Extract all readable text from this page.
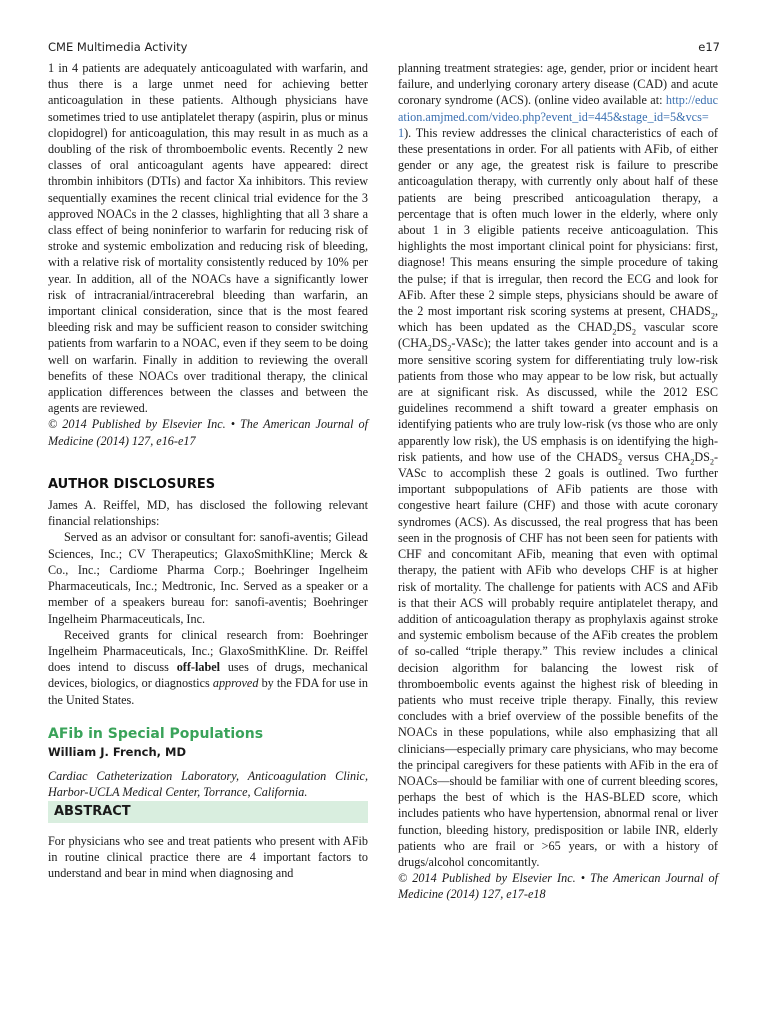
CME Multimedia Activity	e17

1 in 4 patients are adequately anticoagulated with warfarin, and thus there is a large unmet need for achieving better anticoagulation in these patients. Although physicians have sometimes tried to use antiplatelet therapy (aspirin, plus or minus clopidogrel) for anticoagulation, this may result in as much as a doubling of the risk of thromboembolic events. Recently 2 new classes of oral anticoagulant agents have appeared: direct thrombin inhibitors (DTIs) and factor Xa inhibitors. This review sequentially examines the recent clinical trial evidence for the 3 approved NOACs in the 2 classes, highlighting that all 3 share a class effect of being noninferior to warfarin for reducing risk of stroke and systemic embolization and reducing risk of bleeding, with a relative risk of mortality consistently reduced by 10% per year. In addition, all of the NOACs have a significantly lower risk of intracranial/intracerebral bleeding than warfarin, an important clinical consideration, since that is the most feared bleeding risk and may be sufficient reason to consider switching patients from warfarin to a NOAC, even if they seem to be doing well on warfarin. Finally in addition to reviewing the overall benefits of these NOACs over traditional therapy, the clinical application differences between the classes and between the agents are reviewed.

© 2014 Published by Elsevier Inc. • The American Journal of Medicine (2014) 127, e16-e17

AUTHOR DISCLOSURES

James A. Reiffel, MD, has disclosed the following relevant financial relationships:

Served as an advisor or consultant for: sanofi-aventis; Gilead Sciences, Inc.; CV Therapeutics; GlaxoSmithKline; Merck & Co., Inc.; Cardiome Pharma Corp.; Boehringer Ingelheim Pharmaceuticals, Inc.; Medtronic, Inc. Served as a speaker or a member of a speakers bureau for: sanofi-aventis; Boehringer Ingelheim Pharmaceuticals, Inc.

Received grants for clinical research from: Boehringer Ingelheim Pharmaceuticals, Inc.; GlaxoSmithKline. Dr. Reiffel does intend to discuss off-label uses of drugs, mechanical devices, biologics, or diagnostics approved by the FDA for use in the United States.

AFib in Special Populations
William J. French, MD

Cardiac Catheterization Laboratory, Anticoagulation Clinic, Harbor-UCLA Medical Center, Torrance, California.

ABSTRACT

For physicians who see and treat patients who present with AFib in routine clinical practice there are 4 important factors to understand and bear in mind when diagnosing and

planning treatment strategies: age, gender, prior or incident heart failure, and underlying coronary artery disease (CAD) and acute coronary syndrome (ACS). (online video available at: http://education.amjmed.com/video.php?event_id=445&stage_id=5&vcs=1). This review addresses the clinical characteristics of each of these presentations in order. For all patients with AFib, of either gender or any age, the greatest risk is failure to prescribe anticoagulation therapy, with currently only about half of these patients are being prescribed anticoagulation therapy, a percentage that is often much lower in the elderly, where only about 1 in 3 eligible patients receive anticoagulation. This highlights the most important clinical point for physicians: first, diagnose! This means ensuring the simple procedure of taking the pulse; if that is irregular, then record the ECG and look for AFib. After these 2 simple steps, physicians should be aware of the 2 most important risk scoring systems at present, $CHADS_2$, which has been updated as the $CHAD_2DS_2$ vascular score $(CHA_2DS_2-VASc)$; the latter takes gender into account and is a more sensitive scoring system for differentiating truly low-risk patients from those who may appear to be low risk, but actually are at significant risk. As discussed, while the 2012 ESC guidelines recommend a shift toward a greater emphasis on identifying patients who are truly low-risk (vs those who are only apparently low risk), the US emphasis is on identifying the high-risk patients, and how use of the $CHADS_2$ versus $CHA_2DS_2$-VASc to accomplish these 2 goals is outlined. Two further important subpopulations of AFib patients are those with congestive heart failure (CHF) and those with acute coronary syndromes (ACS). As discussed, the real progress that has been seen in the prognosis of CHF has not been seen for patients with CHF and concomitant AFib, meaning that even with optimal therapy, the patient with AFib who develops CHF is at higher risk of mortality. The challenge for patients with ACS and AFib is that their ACS will probably require antiplatelet therapy, and addition of anticoagulation therapy as prophylaxis against stroke and systemic embolism because of the AFib creates the problem of so-called “triple therapy.” This review includes a clinical decision algorithm for balancing the lowest risk of thromboembolic events against the highest risk of bleeding in patients who must receive triple therapy. Finally, this review concludes with a brief overview of the possible benefits of the NOACs in these populations, while also emphasizing that all clinicians—especially primary care physicians, who may become the principal caregivers for these patients with AFib in the era of NOACs—should be familiar with one of current bleeding scores, perhaps the best of which is the HAS-BLED score, which includes patients who have hypertension, abnormal renal or liver function, bleeding history, predisposition or labile INR, elderly patients who are frail or >65 years, or with a history of drugs/alcohol concomitantly.

© 2014 Published by Elsevier Inc. • The American Journal of Medicine (2014) 127, e17-e18
